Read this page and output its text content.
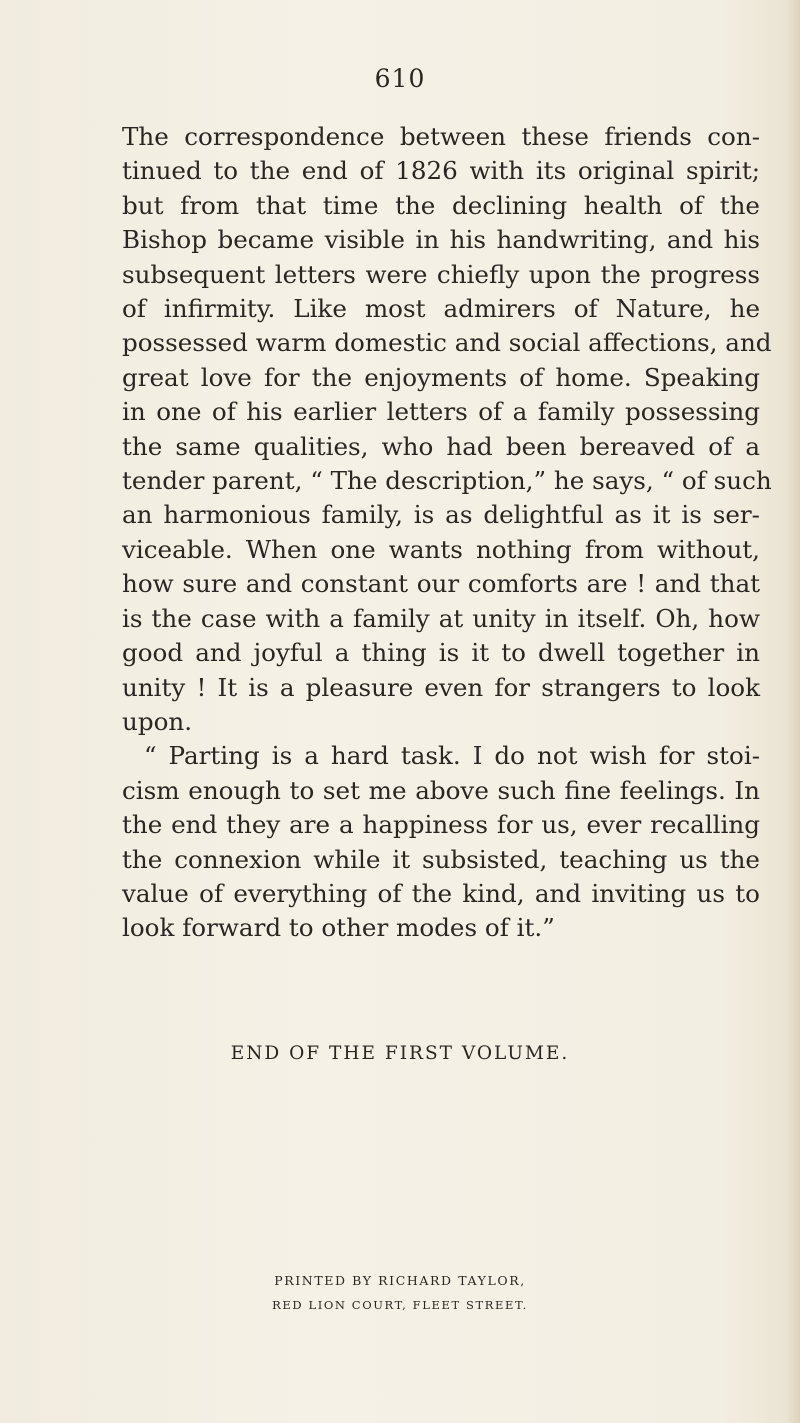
610
The correspondence between these friends con-
tinued to the end of 1826 with its original spirit;
but from that time the declining health of the
Bishop became visible in his handwriting, and his
subsequent letters were chiefly upon the progress
of infirmity. Like most admirers of Nature, he
possessed warm domestic and social affections, and
great love for the enjoyments of home. Speaking
in one of his earlier letters of a family possessing
the same qualities, who had been bereaved of a
tender parent, “ The description,” he says, “ of such
an harmonious family, is as delightful as it is ser-
viceable. When one wants nothing from without,
how sure and constant our comforts are ! and that
is the case with a family at unity in itself. Oh, how
good and joyful a thing is it to dwell together in
unity ! It is a pleasure even for strangers to look
upon.
“ Parting is a hard task. I do not wish for stoi-
cism enough to set me above such fine feelings. In
the end they are a happiness for us, ever recalling
the connexion while it subsisted, teaching us the
value of everything of the kind, and inviting us to
look forward to other modes of it.”
END OF THE FIRST VOLUME.
PRINTED BY RICHARD TAYLOR,
RED LION COURT, FLEET STREET.
